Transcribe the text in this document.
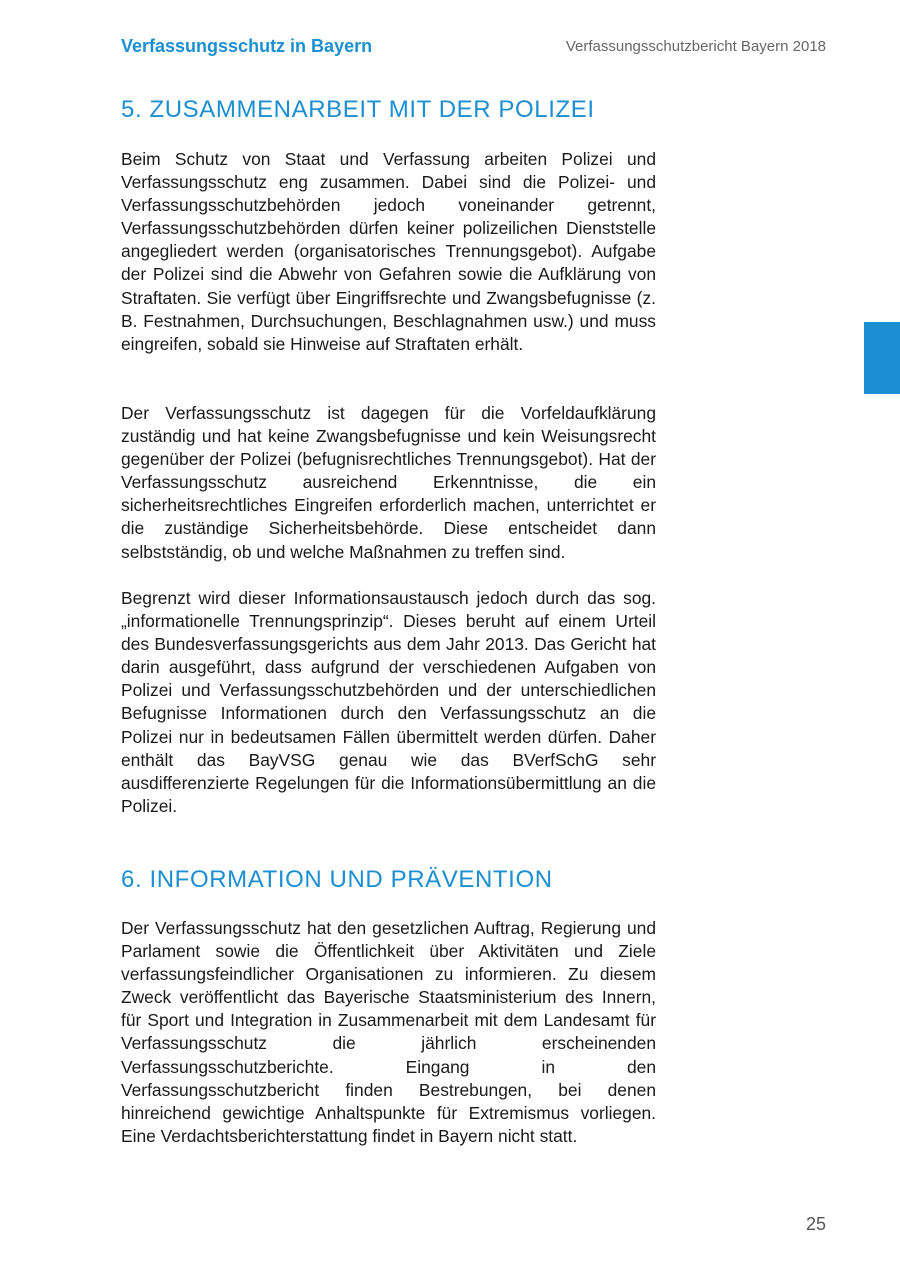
Verfassungsschutz in Bayern	Verfassungsschutzbericht Bayern 2018
5. ZUSAMMENARBEIT MIT DER POLIZEI

Beim Schutz von Staat und Verfassung arbeiten Polizei und Verfassungsschutz eng zusammen. Dabei sind die Polizei- und Verfassungsschutzbehörden jedoch voneinander getrennt, Verfassungsschutzbehörden dürfen keiner polizeilichen Dienststelle angegliedert werden (organisatorisches Trennungsgebot). Aufgabe der Polizei sind die Abwehr von Gefahren sowie die Aufklärung von Straftaten. Sie verfügt über Eingriffsrechte und Zwangsbefugnisse (z. B. Festnahmen, Durchsuchungen, Beschlagnahmen usw.) und muss eingreifen, sobald sie Hinweise auf Straftaten erhält.

Der Verfassungsschutz ist dagegen für die Vorfeldaufklärung zuständig und hat keine Zwangsbefugnisse und kein Weisungsrecht gegenüber der Polizei (befugnisrechtliches Trennungsgebot). Hat der Verfassungsschutz ausreichend Erkenntnisse, die ein sicherheitsrechtliches Eingreifen erforderlich machen, unterrichtet er die zuständige Sicherheitsbehörde. Diese entscheidet dann selbstständig, ob und welche Maßnahmen zu treffen sind.

Begrenzt wird dieser Informationsaustausch jedoch durch das sog. „informationelle Trennungsprinzip“. Dieses beruht auf einem Urteil des Bundesverfassungsgerichts aus dem Jahr 2013. Das Gericht hat darin ausgeführt, dass aufgrund der verschiedenen Aufgaben von Polizei und Verfassungsschutzbehörden und der unterschiedlichen Befugnisse Informationen durch den Verfassungsschutz an die Polizei nur in bedeutsamen Fällen übermittelt werden dürfen. Daher enthält das BayVSG genau wie das BVerfSchG sehr ausdifferenzierte Regelungen für die Informationsübermittlung an die Polizei.

6. INFORMATION UND PRÄVENTION

Der Verfassungsschutz hat den gesetzlichen Auftrag, Regierung und Parlament sowie die Öffentlichkeit über Aktivitäten und Ziele verfassungsfeindlicher Organisationen zu informieren. Zu diesem Zweck veröffentlicht das Bayerische Staatsministerium des Innern, für Sport und Integration in Zusammenarbeit mit dem Landesamt für Verfassungsschutz die jährlich erscheinenden Verfassungsschutzberichte. Eingang in den Verfassungsschutzbericht finden Bestrebungen, bei denen hinreichend gewichtige Anhaltspunkte für Extremismus vorliegen. Eine Verdachtsberichterstattung findet in Bayern nicht statt.

25
